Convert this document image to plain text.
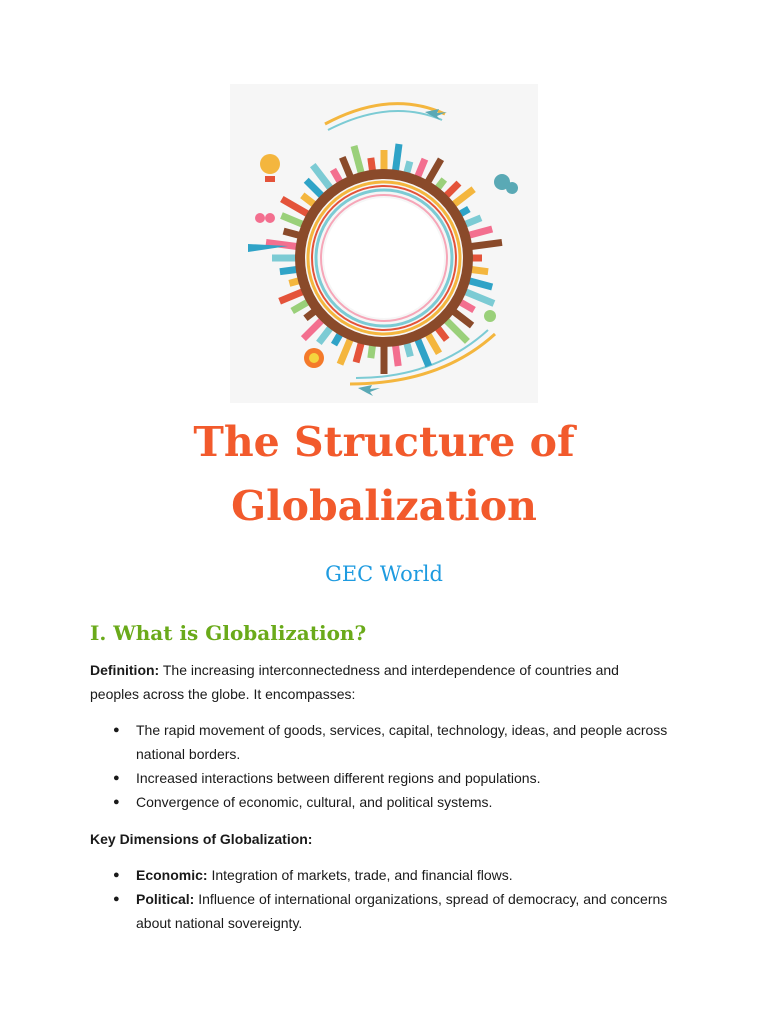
The Structure of
Globalization
GEC World
I. What is Globalization?

Definition: The increasing interconnectedness and interdependence of countries and peoples across the globe. It encompasses:

● The rapid movement of goods, services, capital, technology, ideas, and people across national borders.
● Increased interactions between different regions and populations.
● Convergence of economic, cultural, and political systems.

Key Dimensions of Globalization:

● Economic: Integration of markets, trade, and financial flows.
● Political: Influence of international organizations, spread of democracy, and concerns about national sovereignty.
